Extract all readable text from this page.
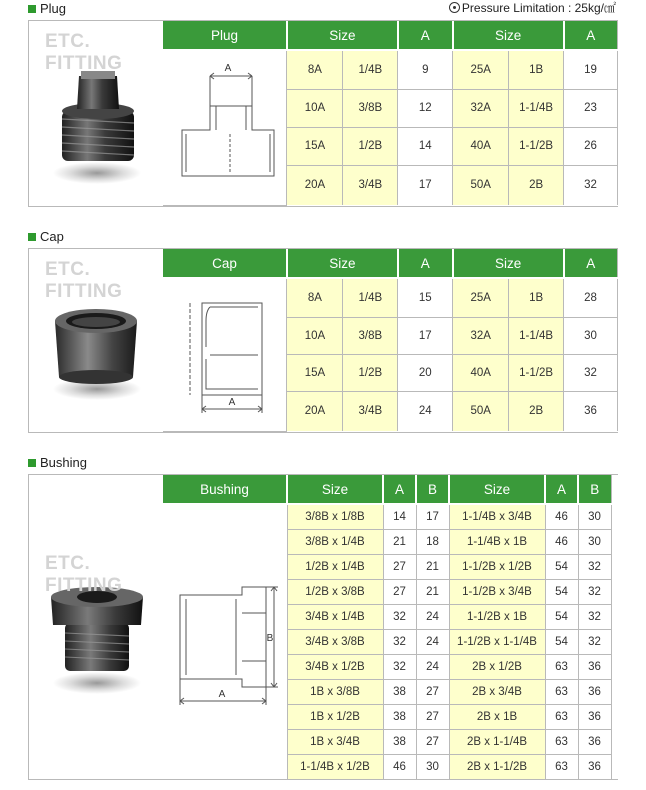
Plug	Pressure Limitation : 25kg/㎠
ETC. FITTING
Plug	Size		A	Size		A

A	8A	1/4B	9	25A	1B	19
	10A	3/8B	12	32A	1-1/4B	23
	15A	1/2B	14	40A	1-1/2B	26
	20A	3/4B	17	50A	2B	32
Cap
ETC. FITTING
Cap	Size		A	Size		A

A	8A	1/4B	15	25A	1B	28
	10A	3/8B	17	32A	1-1/4B	30
	15A	1/2B	20	40A	1-1/2B	32
	20A	3/4B	24	50A	2B	36
Bushing
ETC. FITTING
Bushing	Size	A	B	Size	A	B

A
B	3/8B x 1/8B	14	17	1-1/4B x 3/4B	46	30
	3/8B x 1/4B	21	18	1-1/4B x 1B	46	30
	1/2B x 1/4B	27	21	1-1/2B x 1/2B	54	32
	1/2B x 3/8B	27	21	1-1/2B x 3/4B	54	32
	3/4B x 1/4B	32	24	1-1/2B x 1B	54	32
	3/4B x 3/8B	32	24	1-1/2B x 1-1/4B	54	32
	3/4B x 1/2B	32	24	2B x 1/2B	63	36
	1B x 3/8B	38	27	2B x 3/4B	63	36
	1B x 1/2B	38	27	2B x 1B	63	36
	1B x 3/4B	38	27	2B x 1-1/4B	63	36
	1-1/4B x 1/2B	46	30	2B x 1-1/2B	63	36
